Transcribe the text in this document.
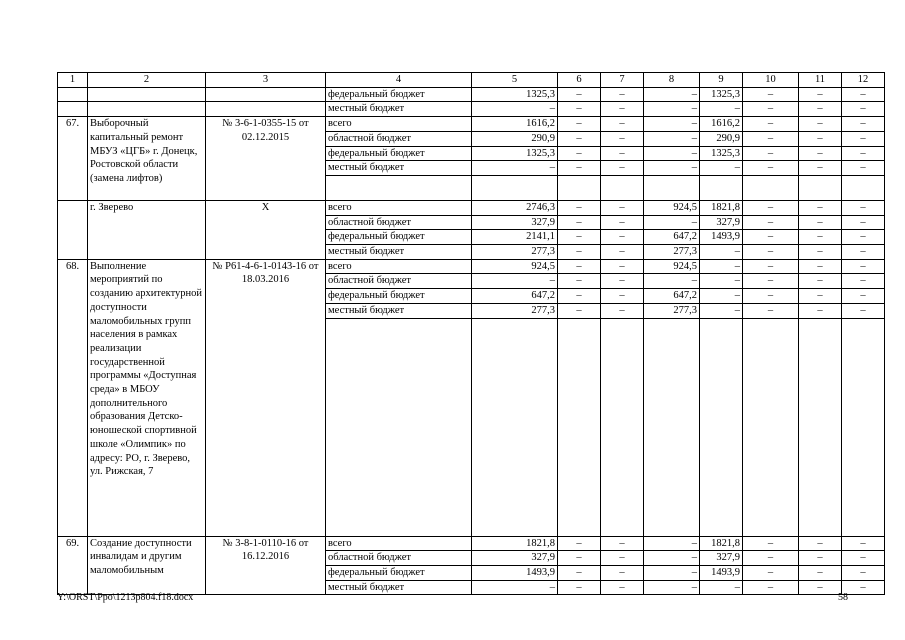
1	2	3	4	5	6	7	8	9	10	11	12
			федеральный бюджет	1325,3	–	–	–	1325,3	–	–	–
			местный бюджет	–	–	–	–	–	–	–	–
67.	Выборочный капитальный ремонт МБУЗ «ЦГБ» г. Донецк, Ростовской области (замена лифтов)	№ 3-6-1-0355-15 от 02.12.2015	всего	1616,2	–	–	–	1616,2	–	–	–
			областной бюджет	290,9	–	–	–	290,9	–	–	–
			федеральный бюджет	1325,3	–	–	–	1325,3	–	–	–
			местный бюджет	–	–	–	–	–	–	–	–

	г. Зверево	Х	всего	2746,3	–	–	924,5	1821,8	–	–	–
			областной бюджет	327,9	–	–	–	327,9	–	–	–
			федеральный бюджет	2141,1	–	–	647,2	1493,9	–	–	–
			местный бюджет	277,3	–	–	277,3	–	–	–	–
68.	Выполнение мероприятий по созданию архитектурной доступности маломобильных групп населения в рамках реализации государственной программы «Доступная среда» в МБОУ дополнительного образования Детско-юношеской спортивной школе «Олимпик» по адресу: РО, г. Зверево, ул. Рижская, 7	№ Р61-4-6-1-0143-16 от 18.03.2016	всего	924,5	–	–	924,5	–	–	–	–
			областной бюджет	–	–	–	–	–	–	–	–
			федеральный бюджет	647,2	–	–	647,2	–	–	–	–
			местный бюджет	277,3	–	–	277,3	–	–	–	–

69.	Создание доступности инвалидам и другим маломобильным	№ 3-8-1-0110-16 от 16.12.2016	всего	1821,8	–	–	–	1821,8	–	–	–
			областной бюджет	327,9	–	–	–	327,9	–	–	–
			федеральный бюджет	1493,9	–	–	–	1493,9	–	–	–
			местный бюджет	–	–	–	–	–	–	–	–
Y:\ORST\Ppo\1213p804.f18.docx	58
